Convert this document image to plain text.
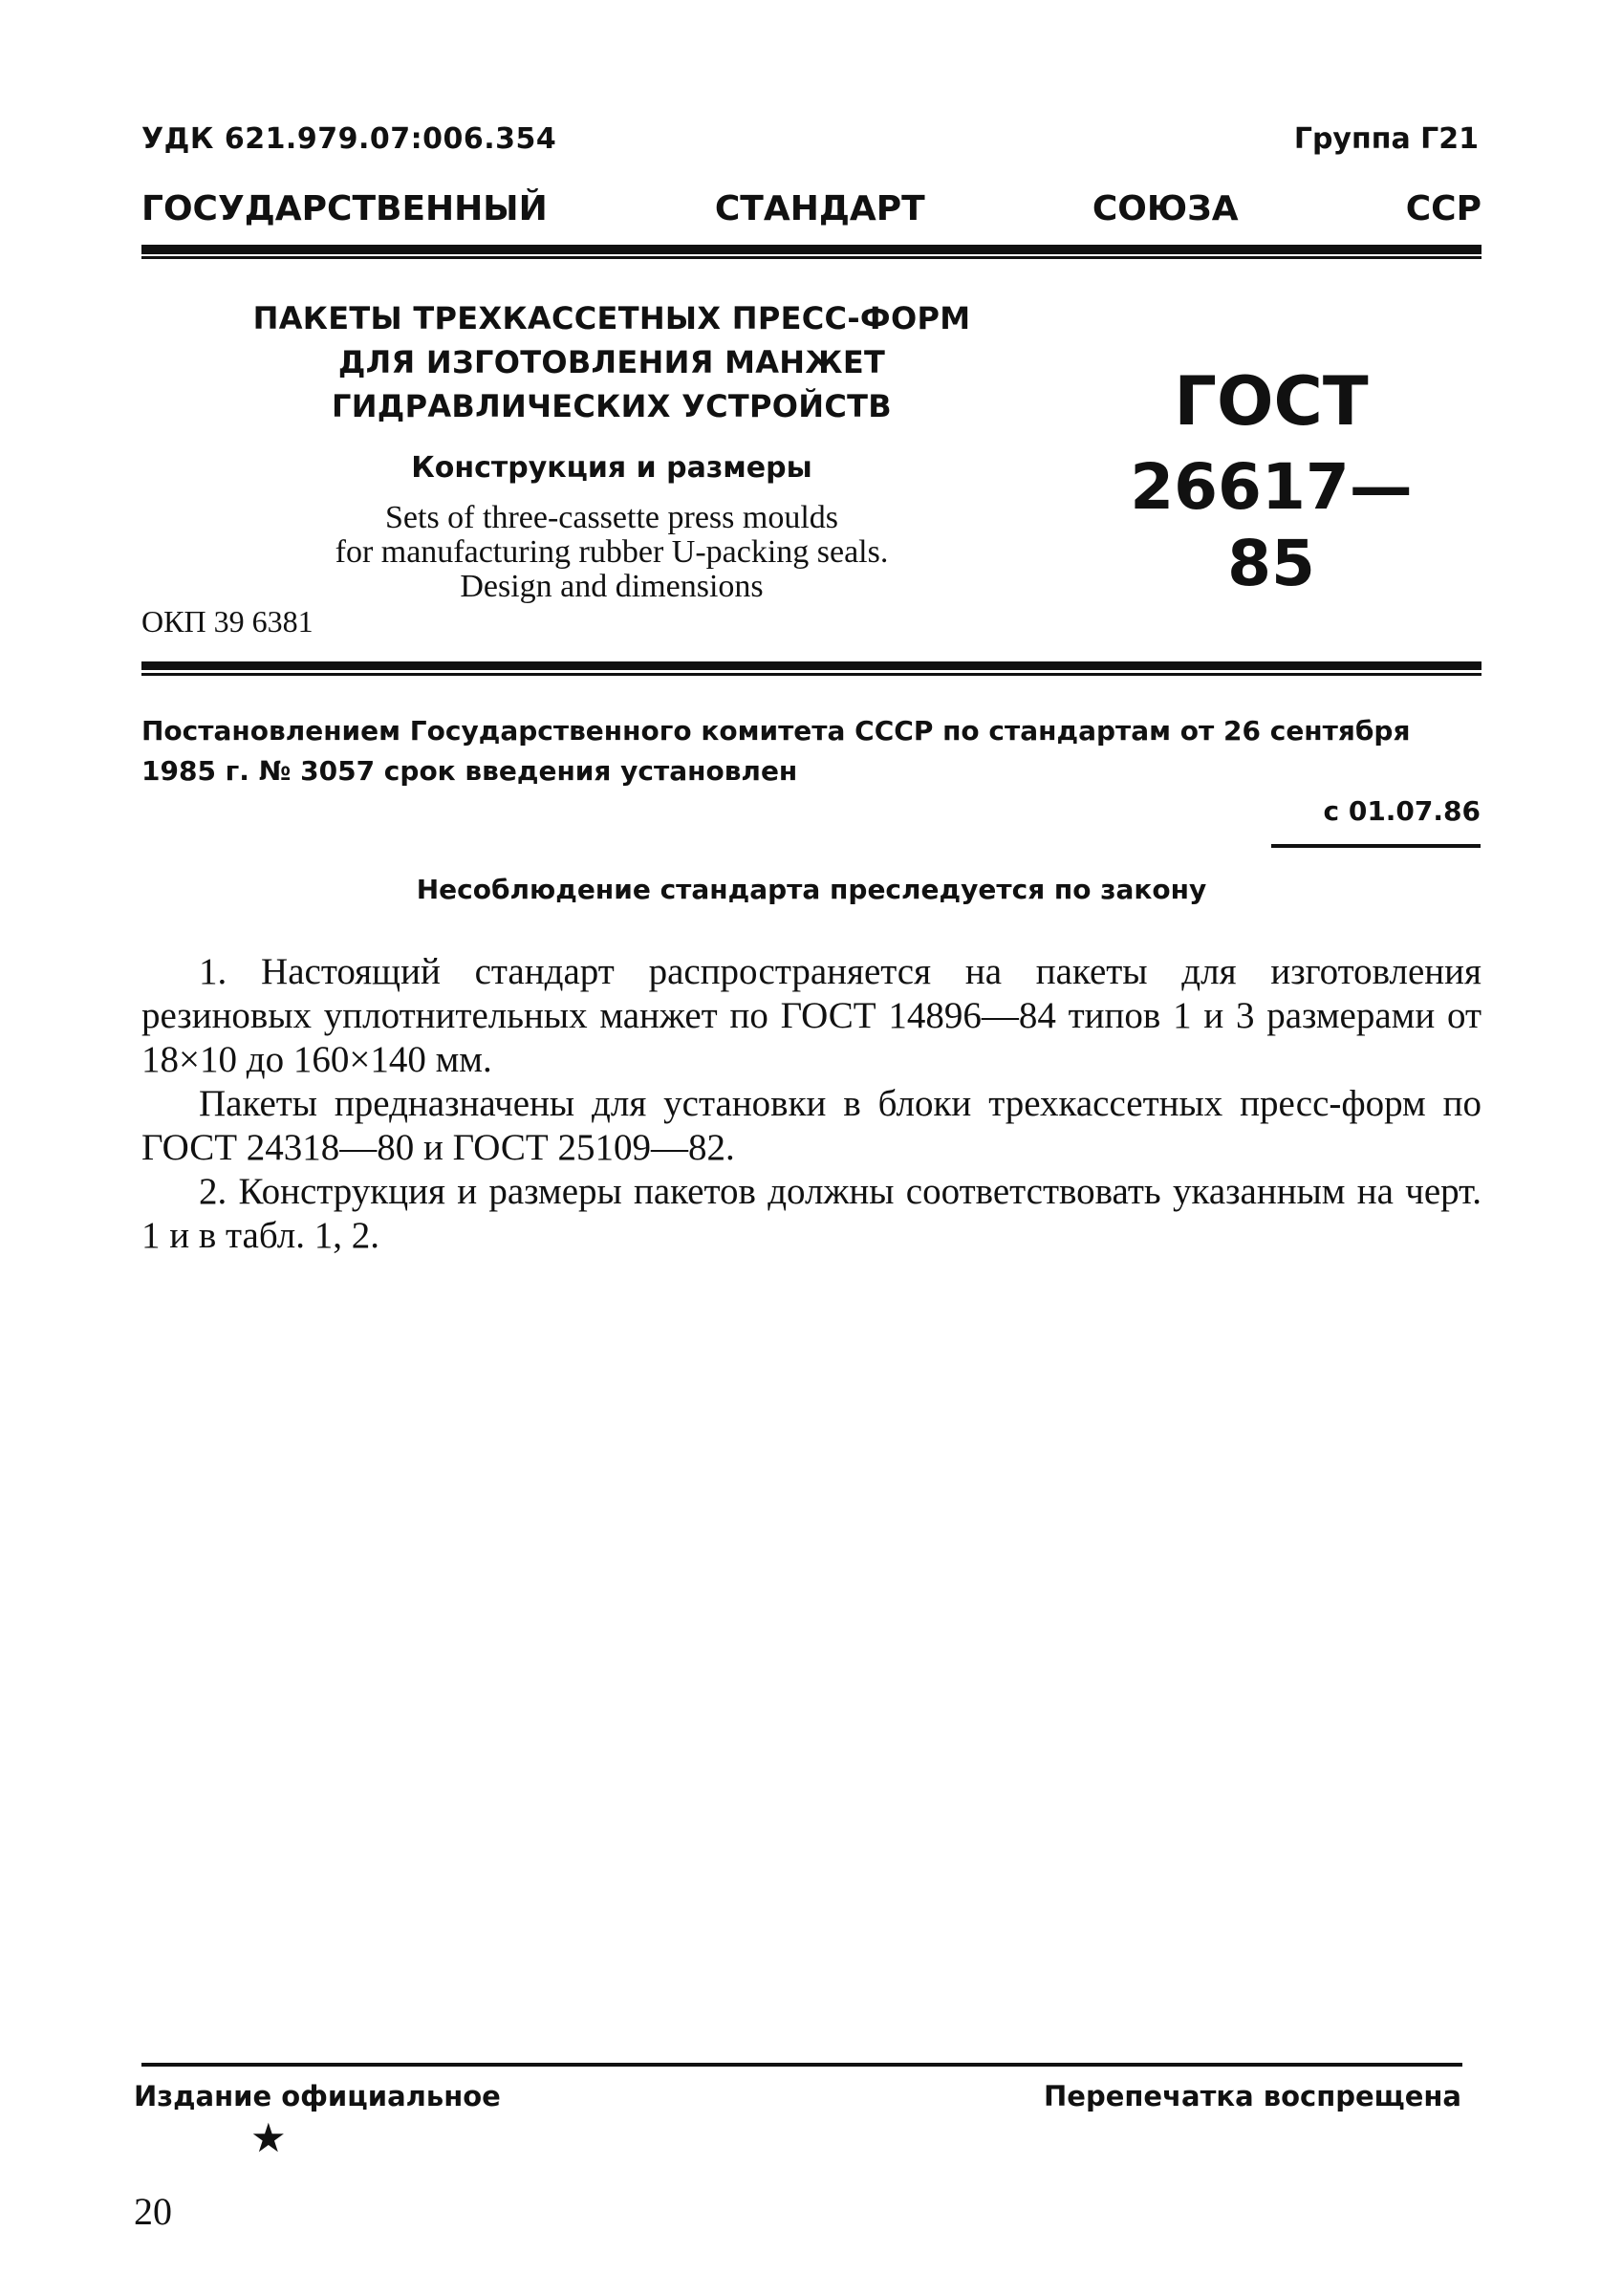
УДК 621.979.07:006.354	Группа Г21
ГОСУДАРСТВЕННЫЙ	СТАНДАРТ	СОЮЗА	ССР
ПАКЕТЫ ТРЕХКАССЕТНЫХ ПРЕСС-ФОРМ
ДЛЯ ИЗГОТОВЛЕНИЯ МАНЖЕТ
ГИДРАВЛИЧЕСКИХ УСТРОЙСТВ
Конструкция и размеры
Sets of three-cassette press moulds
for manufacturing rubber U-packing seals.
Design and dimensions
ГОСТ
26617—85
ОКП 39 6381
Постановлением Государственного комитета СССР по стандартам от 26 сентября 1985 г. № 3057 срок введения установлен
с 01.07.86
Несоблюдение стандарта преследуется по закону

1. Настоящий стандарт распространяется на пакеты для изготовления резиновых уплотнительных манжет по ГОСТ 14896—84 типов 1 и 3 размерами от 18×10 до 160×140 мм.

Пакеты предназначены для установки в блоки трехкассетных пресс-форм по ГОСТ 24318—80 и ГОСТ 25109—82.

2. Конструкция и размеры пакетов должны соответствовать указанным на черт. 1 и в табл. 1, 2.

Издание официальное	Перепечатка воспрещена
★
20
